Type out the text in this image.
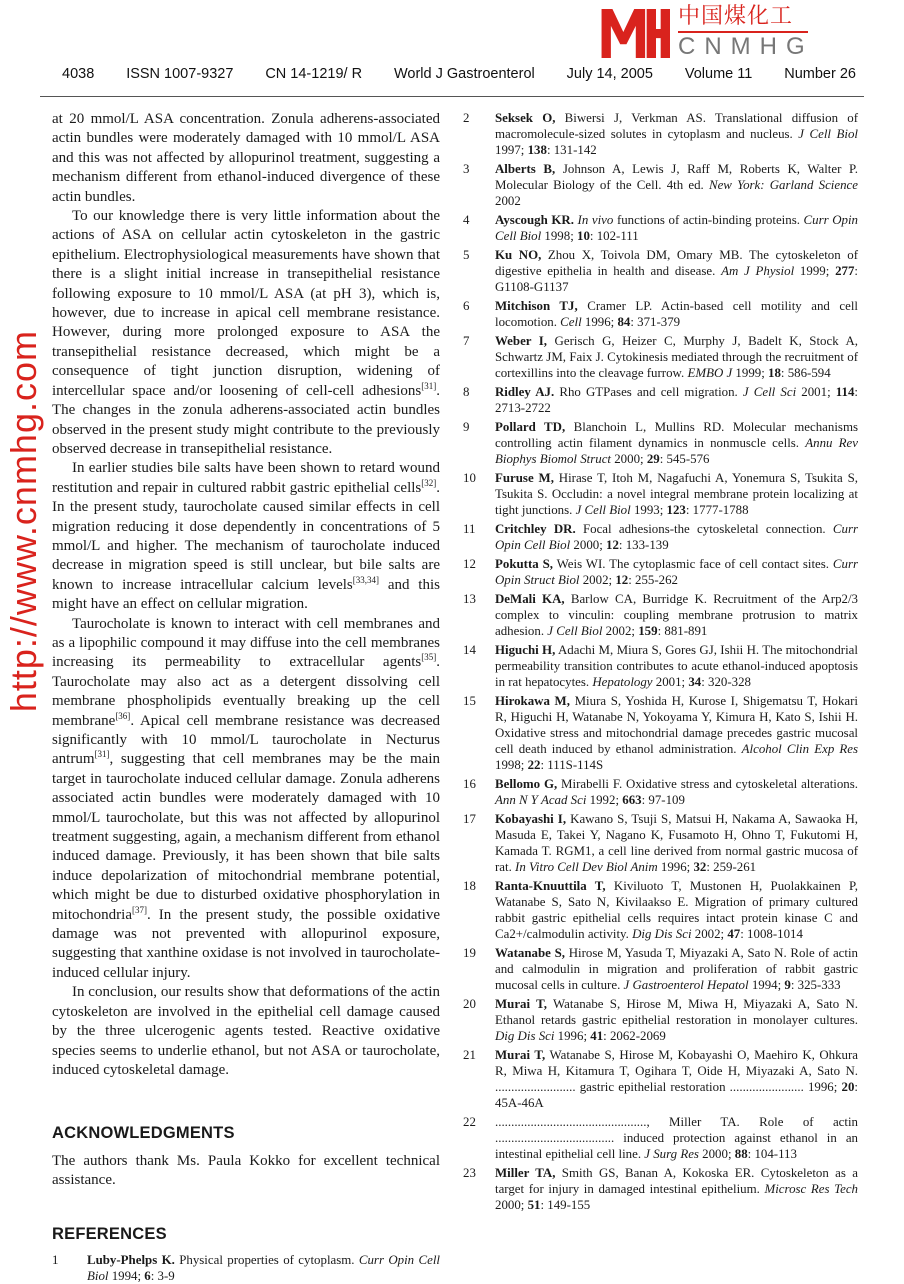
4038 ISSN 1007-9327 CN 14-1219/ R World J Gastroenterol July 14, 2005 Volume 11 Number 26

at 20 mmol/L ASA concentration. Zonula adherens-associated actin bundles were moderately damaged with 10 mmol/L ASA and this was not affected by allopurinol treatment, suggesting a mechanism different from ethanol-induced divergence of these actin bundles.

To our knowledge there is very little information about the actions of ASA on cellular actin cytoskeleton in the gastric epithelium. Electrophysiological measurements have shown that there is a slight initial increase in transepithelial resistance following exposure to 10 mmol/L ASA (at pH 3), which is, however, due to increase in apical cell membrane resistance. However, during more prolonged exposure to ASA the transepithelial resistance decreased, which might be a consequence of tight junction disruption, widening of intercellular space and/or loosening of cell-cell adhesions[31]. The changes in the zonula adherens-associated actin bundles observed in the present study might contribute to the previously observed decrease in transepithelial resistance.

In earlier studies bile salts have been shown to retard wound restitution and repair in cultured rabbit gastric epithelial cells[32]. In the present study, taurocholate caused similar effects in cell migration reducing it dose dependently in concentrations of 5 mmol/L and higher. The mechanism of taurocholate induced decrease in migration speed is still unclear, but bile salts are known to increase intracellular calcium levels[33,34] and this might have an effect on cellular migration.

Taurocholate is known to interact with cell membranes and as a lipophilic compound it may diffuse into the cell membranes increasing its permeability to extracellular agents[35]. Taurocholate may also act as a detergent dissolving cell membrane phospholipids eventually breaking up the cell membrane[36]. Apical cell membrane resistance was decreased significantly with 10 mmol/L taurocholate in Necturus antrum[31], suggesting that cell membranes may be the main target in taurocholate induced cellular damage. Zonula adherens associated actin bundles were moderately damaged with 10 mmol/L taurocholate, but this was not affected by allopurinol treatment suggesting, again, a mechanism different from ethanol induced damage. Previously, it has been shown that bile salts induce depolarization of mitochondrial membrane potential, which might be due to disturbed oxidative phosphorylation in mitochondria[37]. In the present study, the possible oxidative damage was not prevented with allopurinol exposure, suggesting that xanthine oxidase is not involved in taurocholate-induced cellular injury.

In conclusion, our results show that deformations of the actin cytoskeleton are involved in the epithelial cell damage caused by the three ulcerogenic agents tested. Reactive oxidative species seems to underlie ethanol, but not ASA or taurocholate, induced cytoskeletal damage.

ACKNOWLEDGMENTS

The authors thank Ms. Paula Kokko for excellent technical assistance.

REFERENCES
1 Luby-Phelps K. Physical properties of cytoplasm. Curr Opin Cell Biol 1994; 6: 3-9
2 Seksek O, Biwersi J, Verkman AS. Translational diffusion of macromolecule-sized solutes in cytoplasm and nucleus. J Cell Biol 1997; 138: 131-142
3 Alberts B, Johnson A, Lewis J, Raff M, Roberts K, Walter P. Molecular Biology of the Cell. 4th ed. New York: Garland Science 2002
4 Ayscough KR. In vivo functions of actin-binding proteins. Curr Opin Cell Biol 1998; 10: 102-111
5 Ku NO, Zhou X, Toivola DM, Omary MB. The cytoskeleton of digestive epithelia in health and disease. Am J Physiol 1999; 277: G1108-G1137
6 Mitchison TJ, Cramer LP. Actin-based cell motility and cell locomotion. Cell 1996; 84: 371-379
7 Weber I, Gerisch G, Heizer C, Murphy J, Badelt K, Stock A, Schwartz JM, Faix J. Cytokinesis mediated through the recruitment of cortexillins into the cleavage furrow. EMBO J 1999; 18: 586-594
8 Ridley AJ. Rho GTPases and cell migration. J Cell Sci 2001; 114: 2713-2722
9 Pollard TD, Blanchoin L, Mullins RD. Molecular mechanisms controlling actin filament dynamics in nonmuscle cells. Annu Rev Biophys Biomol Struct 2000; 29: 545-576
10 Furuse M, Hirase T, Itoh M, Nagafuchi A, Yonemura S, Tsukita S, Tsukita S. Occludin: a novel integral membrane protein localizing at tight junctions. J Cell Biol 1993; 123: 1777-1788
11 Critchley DR. Focal adhesions-the cytoskeletal connection. Curr Opin Cell Biol 2000; 12: 133-139
12 Pokutta S, Weis WI. The cytoplasmic face of cell contact sites. Curr Opin Struct Biol 2002; 12: 255-262
13 DeMali KA, Barlow CA, Burridge K. Recruitment of the Arp2/3 complex to vinculin: coupling membrane protrusion to matrix adhesion. J Cell Biol 2002; 159: 881-891
14 Higuchi H, Adachi M, Miura S, Gores GJ, Ishii H. The mitochondrial permeability transition contributes to acute ethanol-induced apoptosis in rat hepatocytes. Hepatology 2001; 34: 320-328
15 Hirokawa M, Miura S, Yoshida H, Kurose I, Shigematsu T, Hokari R, Higuchi H, Watanabe N, Yokoyama Y, Kimura H, Kato S, Ishii H. Oxidative stress and mitochondrial damage precedes gastric mucosal cell death induced by ethanol administration. Alcohol Clin Exp Res 1998; 22: 111S-114S
16 Bellomo G, Mirabelli F. Oxidative stress and cytoskeletal alterations. Ann N Y Acad Sci 1992; 663: 97-109
17 Kobayashi I, Kawano S, Tsuji S, Matsui H, Nakama A, Sawaoka H, Masuda E, Takei Y, Nagano K, Fusamoto H, Ohno T, Fukutomi H, Kamada T. RGM1, a cell line derived from normal gastric mucosa of rat. In Vitro Cell Dev Biol Anim 1996; 32: 259-261
18 Ranta-Knuuttila T, Kiviluoto T, Mustonen H, Puolakkainen P, Watanabe S, Sato N, Kivilaakso E. Migration of primary cultured rabbit gastric epithelial cells requires intact protein kinase C and Ca2+/calmodulin activity. Dig Dis Sci 2002; 47: 1008-1014
19 Watanabe S, Hirose M, Yasuda T, Miyazaki A, Sato N. Role of actin and calmodulin in migration and proliferation of rabbit gastric mucosal cells in culture. J Gastroenterol Hepatol 1994; 9: 325-333
20 Murai T, Watanabe S, Hirose M, Miwa H, Miyazaki A, Sato N. Ethanol retards gastric epithelial restoration in monolayer cultures. Dig Dis Sci 1996; 41: 2062-2069
21 Murai T, Watanabe S, Hirose M, Kobayashi O, Maehiro K, Ohkura R, Miwa H, Kitamura T, Ogihara T, Oide H, Miyazaki A, Sato N. ......................... gastric epithelial restoration ....................... 1996; 20: 45A-46A
22 ..............................................., Miller TA. Role of actin ..................................... induced protection against ethanol in an intestinal epithelial cell line. J Surg Res 2000; 88: 104-113
23 Miller TA, Smith GS, Banan A, Kokoska ER. Cytoskeleton as a target for injury in damaged intestinal epithelium. Microsc Res Tech 2000; 51: 149-155
http://www.cnmhg.com
中国煤化工
CNMHG
